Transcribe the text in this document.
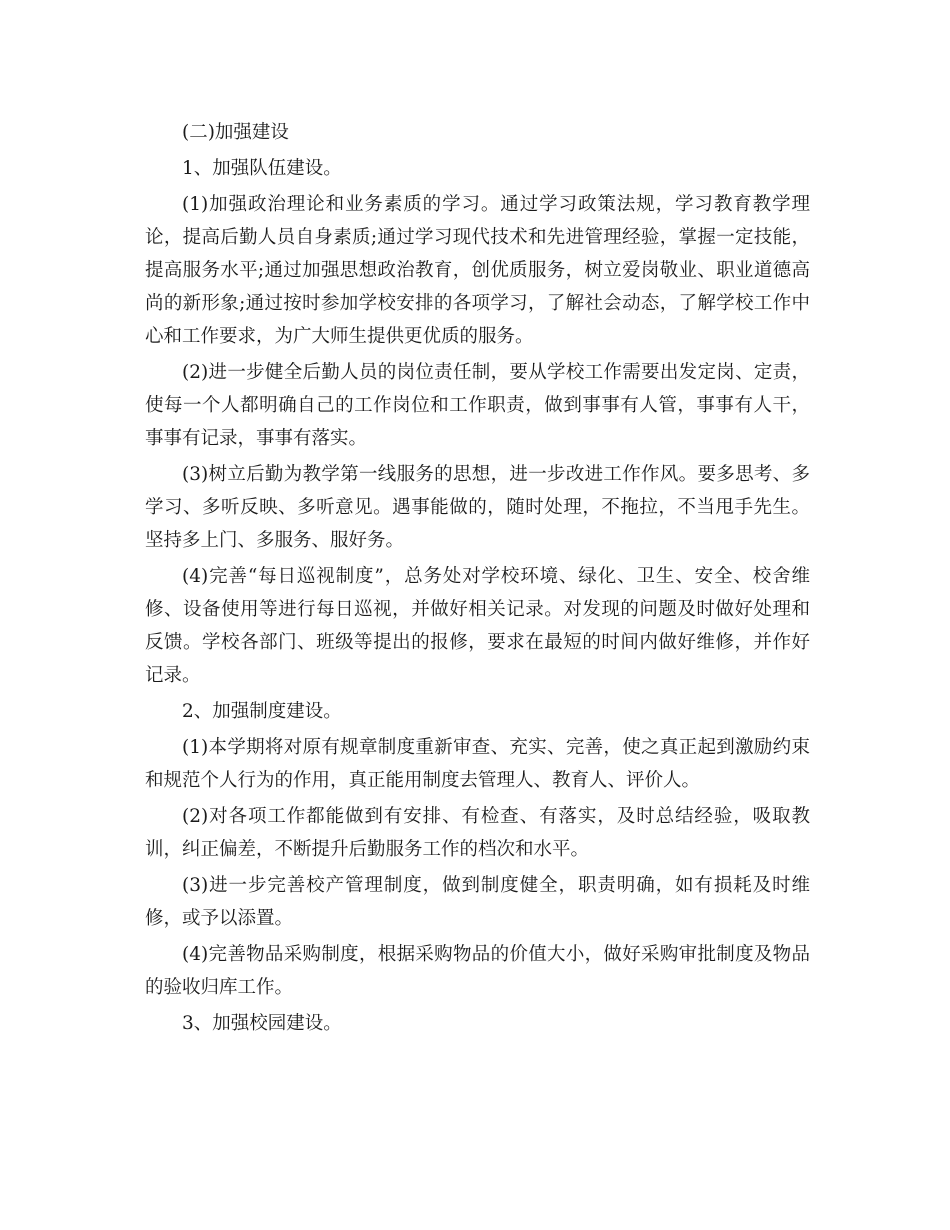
(二)加强建设

1、加强队伍建设。

(1)加强政治理论和业务素质的学习。通过学习政策法规，学习教育教学理论，提高后勤人员自身素质;通过学习现代技术和先进管理经验，掌握一定技能，提高服务水平;通过加强思想政治教育，创优质服务，树立爱岗敬业、职业道德高尚的新形象;通过按时参加学校安排的各项学习，了解社会动态，了解学校工作中心和工作要求，为广大师生提供更优质的服务。

(2)进一步健全后勤人员的岗位责任制，要从学校工作需要出发定岗、定责，使每一个人都明确自己的工作岗位和工作职责，做到事事有人管，事事有人干，事事有记录，事事有落实。

(3)树立后勤为教学第一线服务的思想，进一步改进工作作风。要多思考、多学习、多听反映、多听意见。遇事能做的，随时处理，不拖拉，不当甩手先生。坚持多上门、多服务、服好务。

(4)完善“每日巡视制度”，总务处对学校环境、绿化、卫生、安全、校舍维修、设备使用等进行每日巡视，并做好相关记录。对发现的问题及时做好处理和反馈。学校各部门、班级等提出的报修，要求在最短的时间内做好维修，并作好记录。

2、加强制度建设。

(1)本学期将对原有规章制度重新审查、充实、完善，使之真正起到激励约束和规范个人行为的作用，真正能用制度去管理人、教育人、评价人。

(2)对各项工作都能做到有安排、有检查、有落实，及时总结经验，吸取教训，纠正偏差，不断提升后勤服务工作的档次和水平。

(3)进一步完善校产管理制度，做到制度健全，职责明确，如有损耗及时维修，或予以添置。

(4)完善物品采购制度，根据采购物品的价值大小，做好采购审批制度及物品的验收归库工作。

3、加强校园建设。
